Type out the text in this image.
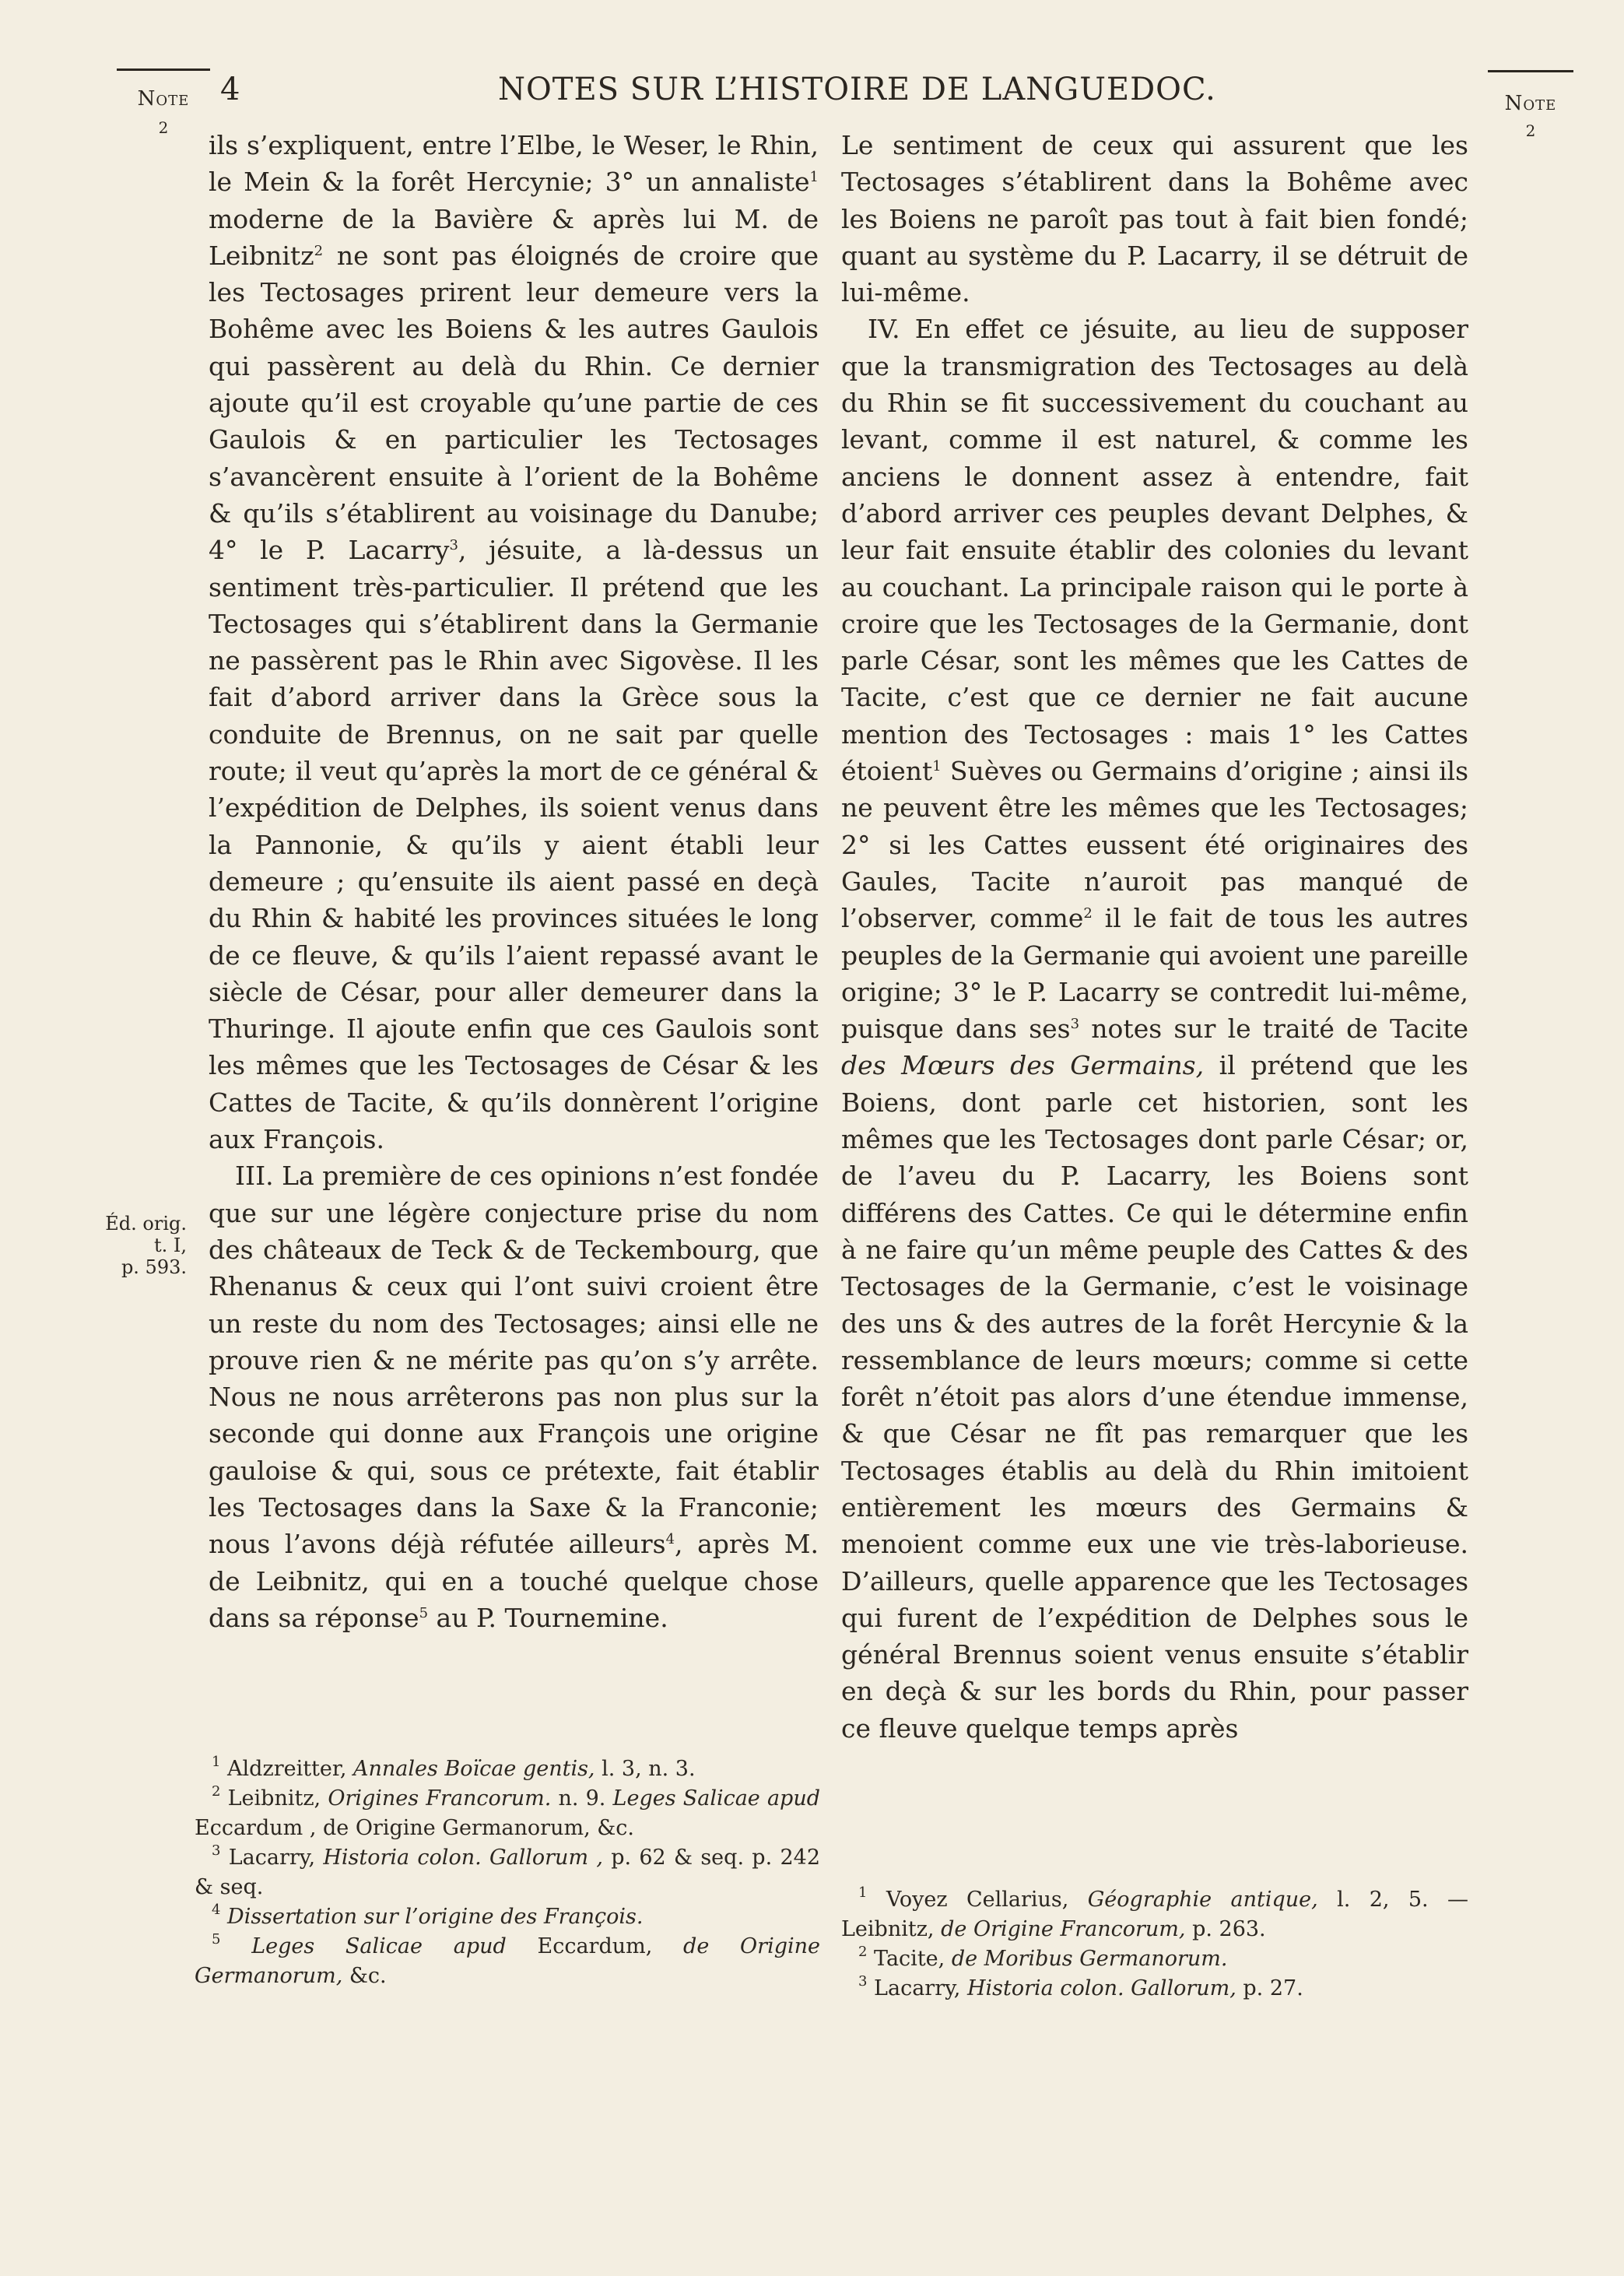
Note
2
4	NOTES SUR L’HISTOIRE DE LANGUEDOC.	Note
2
Éd. orig.
t. I,
p. 593.

ils s’expliquent, entre l’Elbe, le Weser, le Rhin, le Mein & la forêt Hercynie; 3° un annaliste$^1$ moderne de la Bavière & après lui M. de Leibnitz$^2$ ne sont pas éloignés de croire que les Tectosages prirent leur demeure vers la Bohême avec les Boiens & les autres Gaulois qui passèrent au delà du Rhin. Ce dernier ajoute qu’il est croyable qu’une partie de ces Gaulois & en particulier les Tectosages s’avancèrent ensuite à l’orient de la Bohême & qu’ils s’établirent au voisinage du Danube; 4° le P. Lacarry$^3$, jésuite, a là-dessus un sentiment très-particulier. Il prétend que les Tectosages qui s’établirent dans la Germanie ne passèrent pas le Rhin avec Sigovèse. Il les fait d’abord arriver dans la Grèce sous la conduite de Brennus, on ne sait par quelle route; il veut qu’après la mort de ce général & l’expédition de Delphes, ils soient venus dans la Pannonie, & qu’ils y aient établi leur demeure ; qu’ensuite ils aient passé en deçà du Rhin & habité les provinces situées le long de ce fleuve, & qu’ils l’aient repassé avant le siècle de César, pour aller demeurer dans la Thuringe. Il ajoute enfin que ces Gaulois sont les mêmes que les Tectosages de César & les Cattes de Tacite, & qu’ils donnèrent l’origine aux François.

III. La première de ces opinions n’est fondée que sur une légère conjecture prise du nom des châteaux de Teck & de Teckembourg, que Rhenanus & ceux qui l’ont suivi croient être un reste du nom des Tectosages; ainsi elle ne prouve rien & ne mérite pas qu’on s’y arrête. Nous ne nous arrêterons pas non plus sur la seconde qui donne aux François une origine gauloise & qui, sous ce prétexte, fait établir les Tectosages dans la Saxe & la Franconie; nous l’avons déjà réfutée ailleurs$^4$, après M. de Leibnitz, qui en a touché quelque chose dans sa réponse$^5$ au P. Tournemine.

Le sentiment de ceux qui assurent que les Tectosages s’établirent dans la Bohême avec les Boiens ne paroît pas tout à fait bien fondé; quant au système du P. Lacarry, il se détruit de lui-même.

IV. En effet ce jésuite, au lieu de supposer que la transmigration des Tectosages au delà du Rhin se fit successivement du couchant au levant, comme il est naturel, & comme les anciens le donnent assez à entendre, fait d’abord arriver ces peuples devant Delphes, & leur fait ensuite établir des colonies du levant au couchant. La principale raison qui le porte à croire que les Tectosages de la Germanie, dont parle César, sont les mêmes que les Cattes de Tacite, c’est que ce dernier ne fait aucune mention des Tectosages : mais 1° les Cattes étoient$^1$ Suèves ou Germains d’origine ; ainsi ils ne peuvent être les mêmes que les Tectosages; 2° si les Cattes eussent été originaires des Gaules, Tacite n’auroit pas manqué de l’observer, comme$^2$ il le fait de tous les autres peuples de la Germanie qui avoient une pareille origine; 3° le P. Lacarry se contredit lui-même, puisque dans ses$^3$ notes sur le traité de Tacite des Mœurs des Germains, il prétend que les Boiens, dont parle cet historien, sont les mêmes que les Tectosages dont parle César; or, de l’aveu du P. Lacarry, les Boiens sont différens des Cattes. Ce qui le détermine enfin à ne faire qu’un même peuple des Cattes & des Tectosages de la Germanie, c’est le voisinage des uns & des autres de la forêt Hercynie & la ressemblance de leurs mœurs; comme si cette forêt n’étoit pas alors d’une étendue immense, & que César ne fît pas remarquer que les Tectosages établis au delà du Rhin imitoient entièrement les mœurs des Germains & menoient comme eux une vie très-laborieuse. D’ailleurs, quelle apparence que les Tectosages qui furent de l’expédition de Delphes sous le général Brennus soient venus ensuite s’établir en deçà & sur les bords du Rhin, pour passer ce fleuve quelque temps après

$^1$ Aldzreitter, Annales Boïcae gentis, l. 3, n. 3.

$^2$ Leibnitz, Origines Francorum. n. 9. Leges Salicae apud Eccardum , de Origine Germanorum, &c.

$^3$ Lacarry, Historia colon. Gallorum , p. 62 & seq. p. 242 & seq.

$^4$ Dissertation sur l’origine des François.

$^5$ Leges Salicae apud Eccardum, de Origine Germanorum, &c.

$^1$ Voyez Cellarius, Géographie antique, l. 2, 5. — Leibnitz, de Origine Francorum, p. 263.

$^2$ Tacite, de Moribus Germanorum.

$^3$ Lacarry, Historia colon. Gallorum, p. 27.
